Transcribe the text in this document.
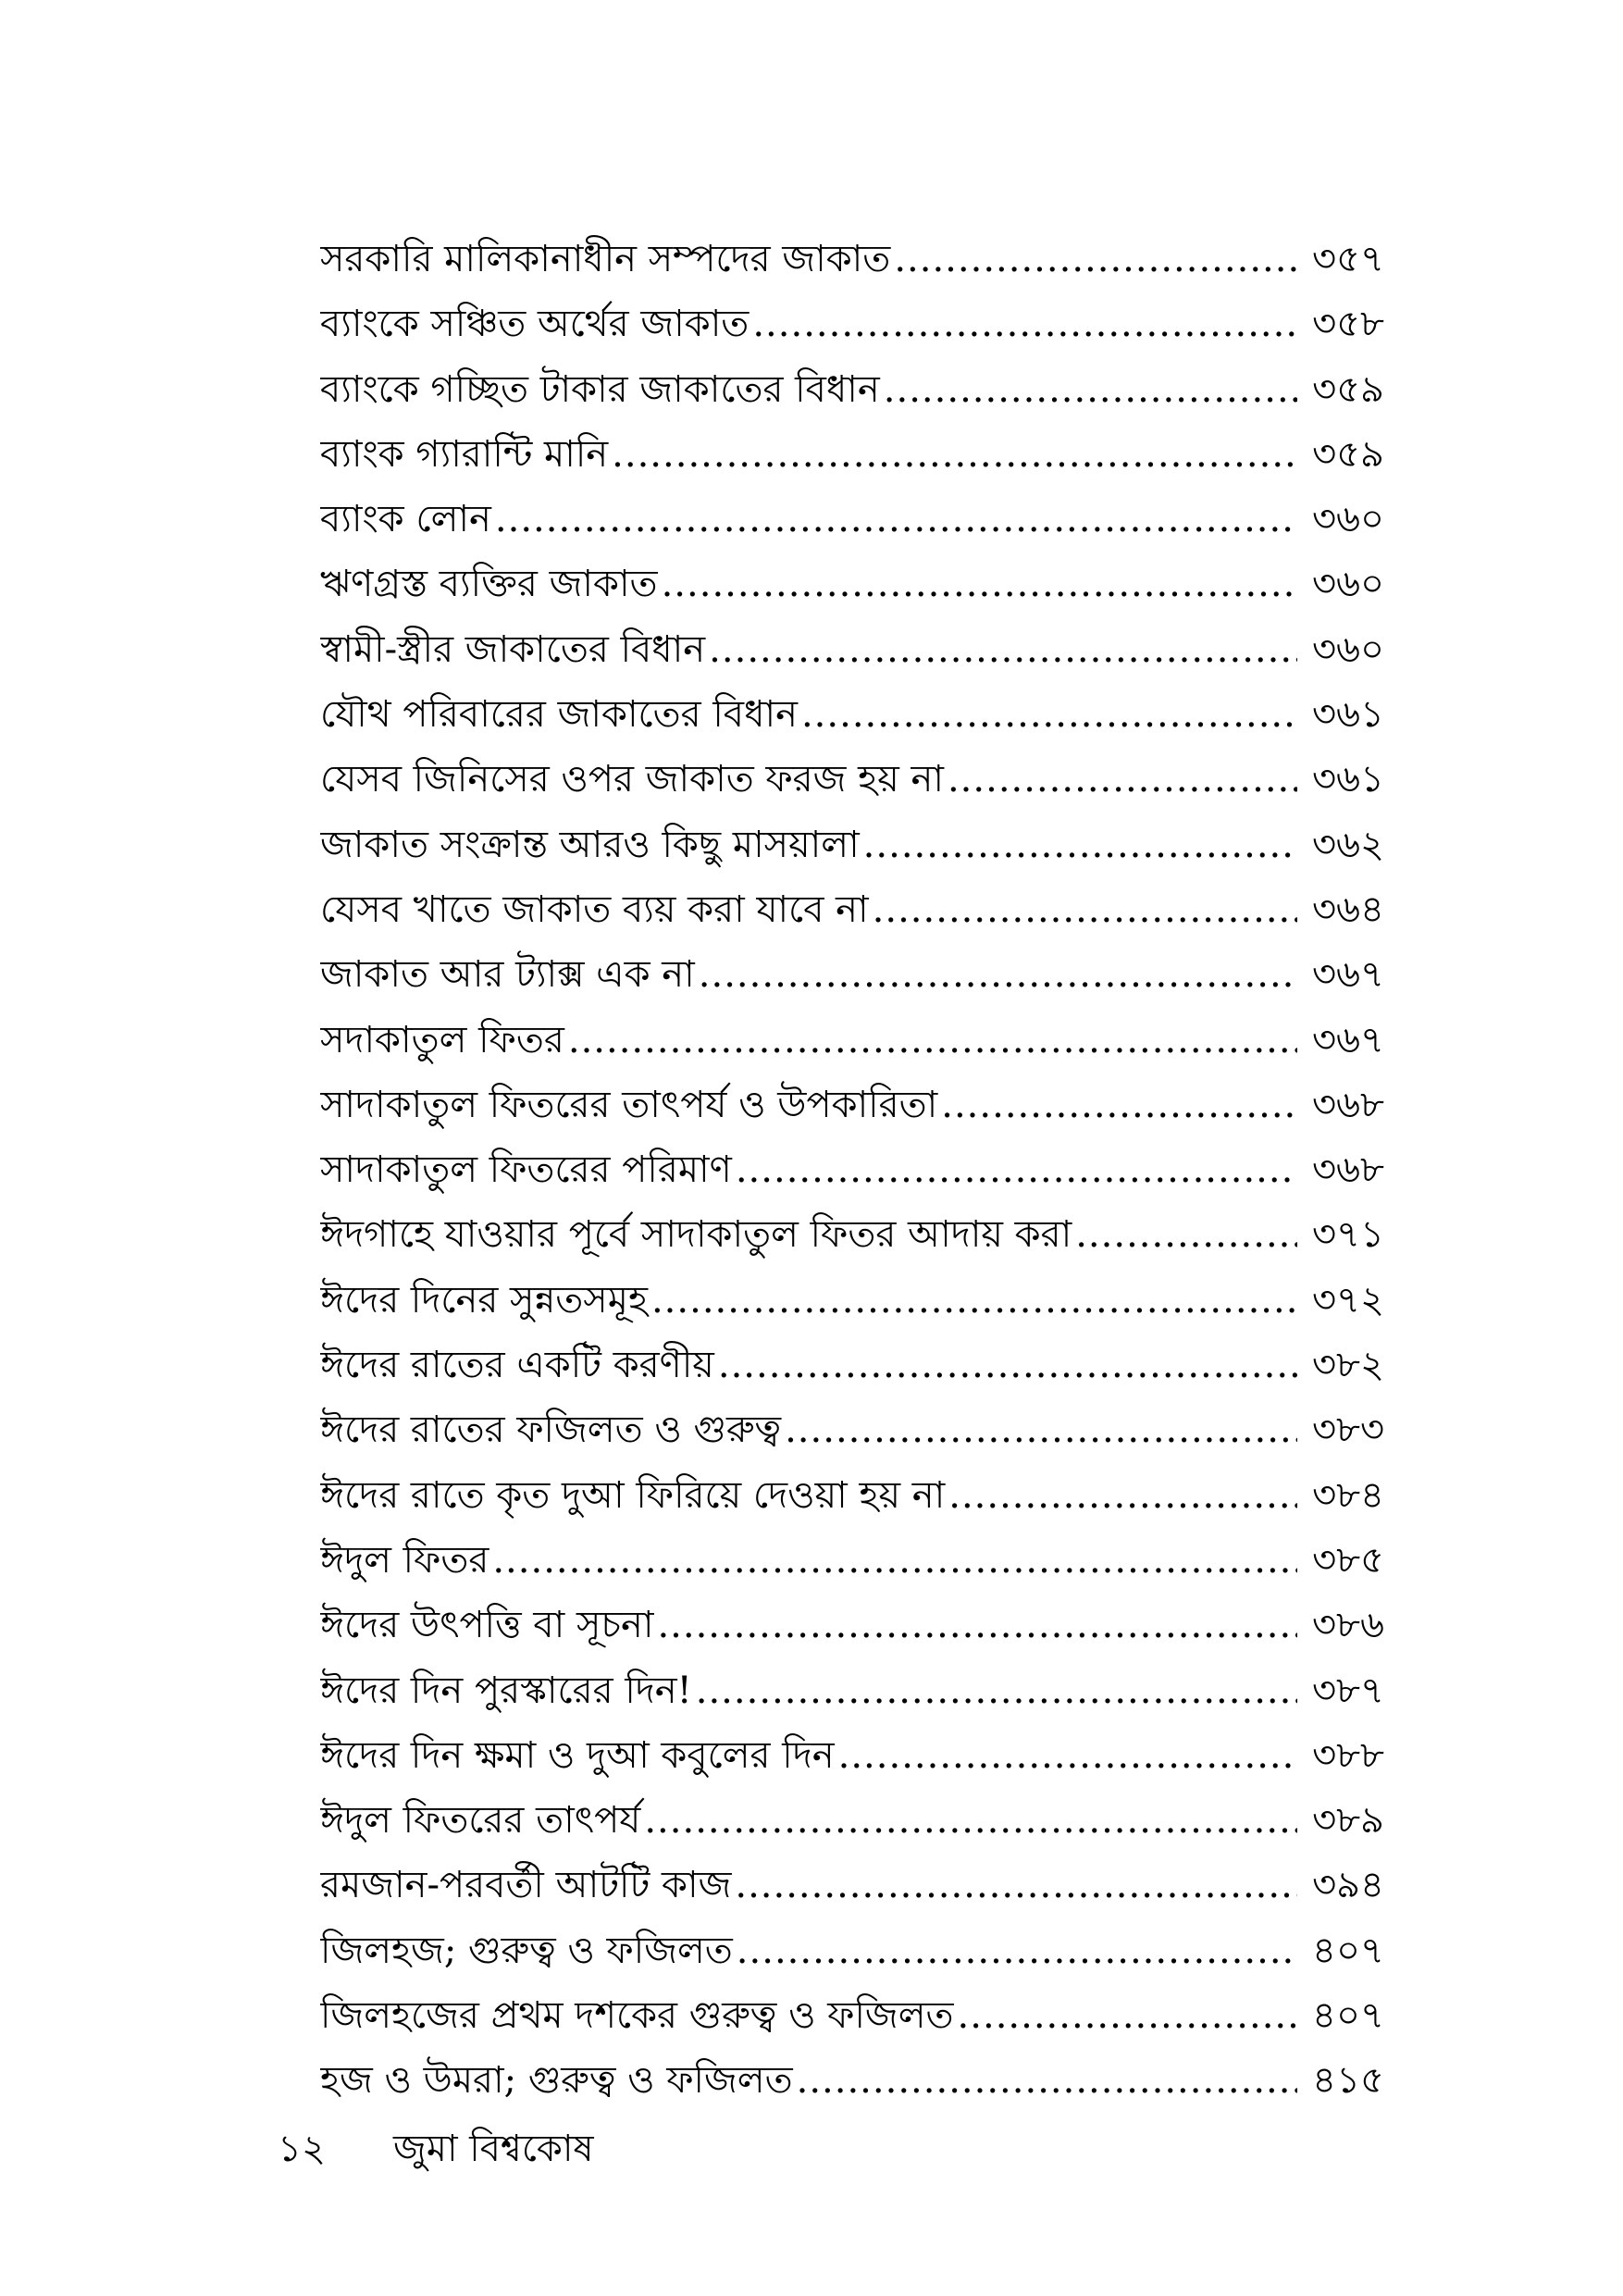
সরকারি মালিকানাধীন সম্পদের জাকাত .....	৩৫৭
ব্যাংকে সঞ্চিত অর্থের জাকাত .....	৩৫৮
ব্যাংকে গচ্ছিত টাকার জাকাতের বিধান .....	৩৫৯
ব্যাংক গ্যারান্টি মানি .....	৩৫৯
ব্যাংক লোন .....	৩৬০
ঋণগ্রস্ত ব্যক্তির জাকাত .....	৩৬০
স্বামী-স্ত্রীর জাকাতের বিধান .....	৩৬০
যৌথ পরিবারের জাকাতের বিধান .....	৩৬১
যেসব জিনিসের ওপর জাকাত ফরজ হয় না .....	৩৬১
জাকাত সংক্রান্ত আরও কিছু মাসয়ালা .....	৩৬২
যেসব খাতে জাকাত ব্যয় করা যাবে না .....	৩৬৪
জাকাত আর ট্যাক্স এক না .....	৩৬৭
সদাকাতুল ফিতর .....	৩৬৭
সাদাকাতুল ফিতরের তাৎপর্য ও উপকারিতা .....	৩৬৮
সাদাকাতুল ফিতরের পরিমাণ .....	৩৬৮
ঈদগাহে যাওয়ার পূর্বে সাদাকাতুল ফিতর আদায় করা .....	৩৭১
ঈদের দিনের সুন্নতসমূহ .....	৩৭২
ঈদের রাতের একটি করণীয় .....	৩৮২
ঈদের রাতের ফজিলত ও গুরুত্ব .....	৩৮৩
ঈদের রাতে কৃত দুআ ফিরিয়ে দেওয়া হয় না .....	৩৮৪
ঈদুল ফিতর .....	৩৮৫
ঈদের উৎপত্তি বা সূচনা .....	৩৮৬
ঈদের দিন পুরস্কারের দিন! .....	৩৮৭
ঈদের দিন ক্ষমা ও দুআ কবুলের দিন .....	৩৮৮
ঈদুল ফিতরের তাৎপর্য .....	৩৮৯
রমজান-পরবর্তী আটটি কাজ .....	৩৯৪
জিলহজ; গুরুত্ব ও ফজিলত .....	৪০৭
জিলহজের প্রথম দশকের গুরুত্ব ও ফজিলত .....	৪০৭
হজ ও উমরা; গুরুত্ব ও ফজিলত .....	৪১৫
১২	জুমা বিশ্বকোষ
